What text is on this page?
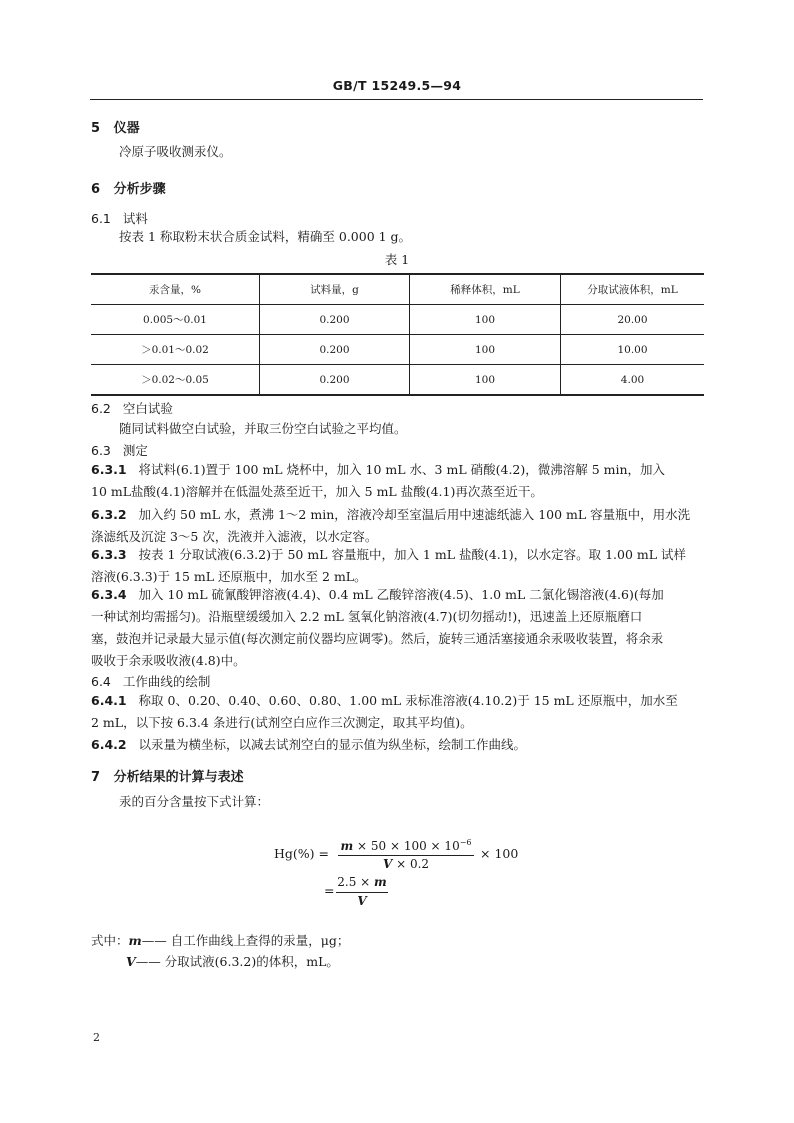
GB/T 15249.5—94
5 仪器
冷原子吸收测汞仪。
6 分析步骤
6.1 试料
按表 1 称取粉末状合质金试料，精确至 0.000 1 g。
表 1
汞含量，%	试料量，g	稀释体积，mL	分取试液体积，mL
0.005～0.01	0.200	100	20.00
＞0.01～0.02	0.200	100	10.00
＞0.02～0.05	0.200	100	4.00
6.2 空白试验
随同试料做空白试验，并取三份空白试验之平均值。
6.3 测定
6.3.1 将试料(6.1)置于 100 mL 烧杯中，加入 10 mL 水、3 mL 硝酸(4.2)，微沸溶解 5 min，加入
10 mL盐酸(4.1)溶解并在低温处蒸至近干，加入 5 mL 盐酸(4.1)再次蒸至近干。
6.3.2 加入约 50 mL 水，煮沸 1～2 min，溶液冷却至室温后用中速滤纸滤入 100 mL 容量瓶中，用水洗
涤滤纸及沉淀 3～5 次，洗液并入滤液，以水定容。
6.3.3 按表 1 分取试液(6.3.2)于 50 mL 容量瓶中，加入 1 mL 盐酸(4.1)，以水定容。取 1.00 mL 试样
溶液(6.3.3)于 15 mL 还原瓶中，加水至 2 mL。
6.3.4 加入 10 mL 硫氰酸钾溶液(4.4)、0.4 mL 乙酸锌溶液(4.5)、1.0 mL 二氯化锡溶液(4.6)(每加
一种试剂均需摇匀)。沿瓶壁缓缓加入 2.2 mL 氢氧化钠溶液(4.7)(切勿摇动!)，迅速盖上还原瓶磨口
塞，鼓泡并记录最大显示值(每次测定前仪器均应调零)。然后，旋转三通活塞接通余汞吸收装置，将余汞
吸收于余汞吸收液(4.8)中。
6.4 工作曲线的绘制
6.4.1 称取 0、0.20、0.40、0.60、0.80、1.00 mL 汞标准溶液(4.10.2)于 15 mL 还原瓶中，加水至
2 mL，以下按 6.3.4 条进行(试剂空白应作三次测定，取其平均值)。
6.4.2 以汞量为横坐标，以减去试剂空白的显示值为纵坐标，绘制工作曲线。
7 分析结果的计算与表述
汞的百分含量按下式计算：
$Hg(\%) = m \times 50 \times 100 \times 10^{-6}$
V × 0.2
× 100
=
2.5 × m
V
式中：m—— 自工作曲线上查得的汞量，μg；
V—— 分取试液(6.3.2)的体积，mL。
2
